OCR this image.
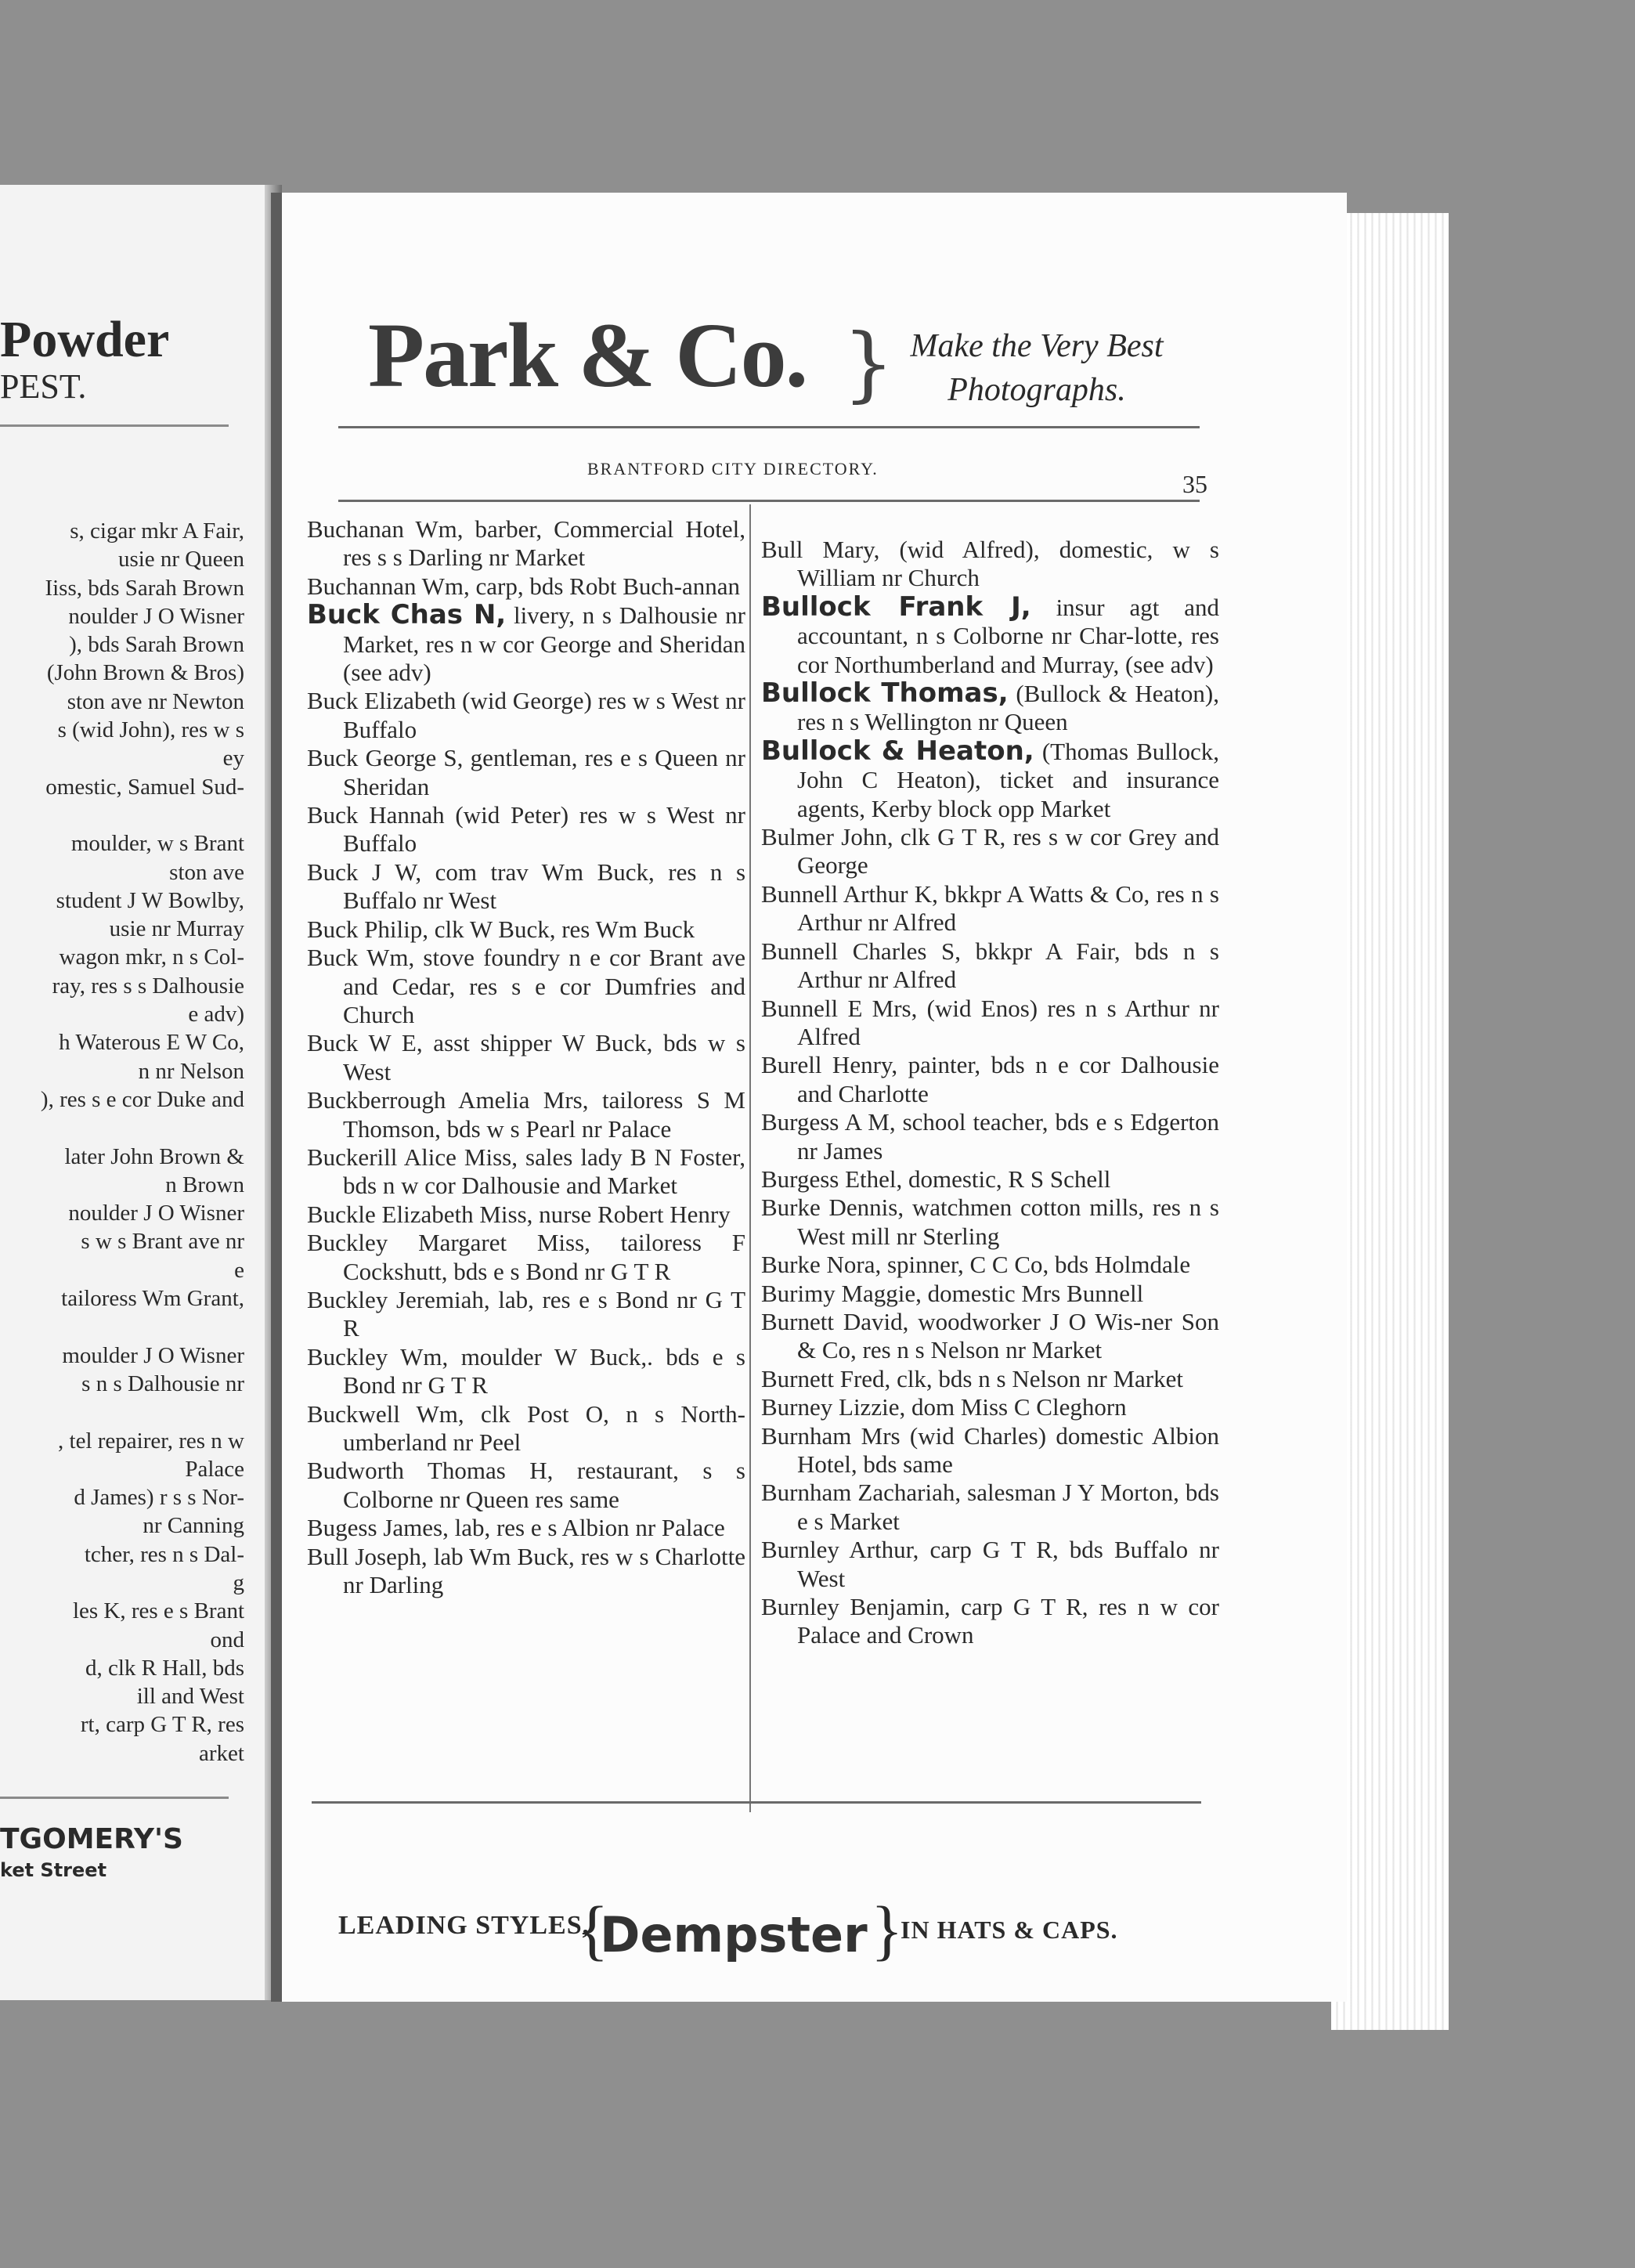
Powder
PEST.
s, cigar mkr A Fair,
usie nr Queen
Iiss, bds Sarah Brown
noulder J O Wisner
), bds Sarah Brown
(John Brown & Bros)
ston ave nr Newton
s (wid John), res w s
ey
omestic, Samuel Sud-

moulder, w s Brant
ston ave
student J W Bowlby,
usie nr Murray
wagon mkr, n s Col-
ray, res s s Dalhousie
e adv)
h Waterous E W Co,
n nr Nelson
), res s e cor Duke and

later John Brown &
n Brown
noulder J O Wisner
s w s Brant ave nr
e
tailoress Wm Grant,

moulder J O Wisner
s n s Dalhousie nr

, tel repairer, res n w
Palace
d James) r s s Nor-
nr Canning
tcher, res n s Dal-
g
les K, res e s Brant
ond
d, clk R Hall, bds
ill and West
rt, carp G T R, res
arket
TGOMERY'S
ket Street
Park & Co. } Make the Very Best
Photographs.
BRANTFORD CITY DIRECTORY.
35
Buchanan Wm, barber, Commercial Hotel, res s s Darling nr Market
Buchannan Wm, carp, bds Robt Buch-annan
Buck Chas N, livery, n s Dalhousie nr Market, res n w cor George and Sheridan (see adv)
Buck Elizabeth (wid George) res w s West nr Buffalo
Buck George S, gentleman, res e s Queen nr Sheridan
Buck Hannah (wid Peter) res w s West nr Buffalo
Buck J W, com trav Wm Buck, res n s Buffalo nr West
Buck Philip, clk W Buck, res Wm Buck
Buck Wm, stove foundry n e cor Brant ave and Cedar, res s e cor Dumfries and Church
Buck W E, asst shipper W Buck, bds w s West
Buckberrough Amelia Mrs, tailoress S M Thomson, bds w s Pearl nr Palace
Buckerill Alice Miss, sales lady B N Foster, bds n w cor Dalhousie and Market
Buckle Elizabeth Miss, nurse Robert Henry
Buckley Margaret Miss, tailoress F Cockshutt, bds e s Bond nr G T R
Buckley Jeremiah, lab, res e s Bond nr G T R
Buckley Wm, moulder W Buck,. bds e s Bond nr G T R
Buckwell Wm, clk Post O, n s North-umberland nr Peel
Budworth Thomas H, restaurant, s s Colborne nr Queen res same
Bugess James, lab, res e s Albion nr Palace
Bull Joseph, lab Wm Buck, res w s Charlotte nr Darling
Bull Mary, (wid Alfred), domestic, w s William nr Church
Bullock Frank J, insur agt and accountant, n s Colborne nr Char-lotte, res cor Northumberland and Murray, (see adv)
Bullock Thomas, (Bullock & Heaton), res n s Wellington nr Queen
Bullock & Heaton, (Thomas Bullock, John C Heaton), ticket and insurance agents, Kerby block opp Market
Bulmer John, clk G T R, res s w cor Grey and George
Bunnell Arthur K, bkkpr A Watts & Co, res n s Arthur nr Alfred
Bunnell Charles S, bkkpr A Fair, bds n s Arthur nr Alfred
Bunnell E Mrs, (wid Enos) res n s Arthur nr Alfred
Burell Henry, painter, bds n e cor Dalhousie and Charlotte
Burgess A M, school teacher, bds e s Edgerton nr James
Burgess Ethel, domestic, R S Schell
Burke Dennis, watchmen cotton mills, res n s West mill nr Sterling
Burke Nora, spinner, C C Co, bds Holmdale
Burimy Maggie, domestic Mrs Bunnell
Burnett David, woodworker J O Wis-ner Son & Co, res n s Nelson nr Market
Burnett Fred, clk, bds n s Nelson nr Market
Burney Lizzie, dom Miss C Cleghorn
Burnham Mrs (wid Charles) domestic Albion Hotel, bds same
Burnham Zachariah, salesman J Y Morton, bds e s Market
Burnley Arthur, carp G T R, bds Buffalo nr West
Burnley Benjamin, carp G T R, res n w cor Palace and Crown
LEADING STYLES,
{
Dempster }
IN HATS & CAPS.
